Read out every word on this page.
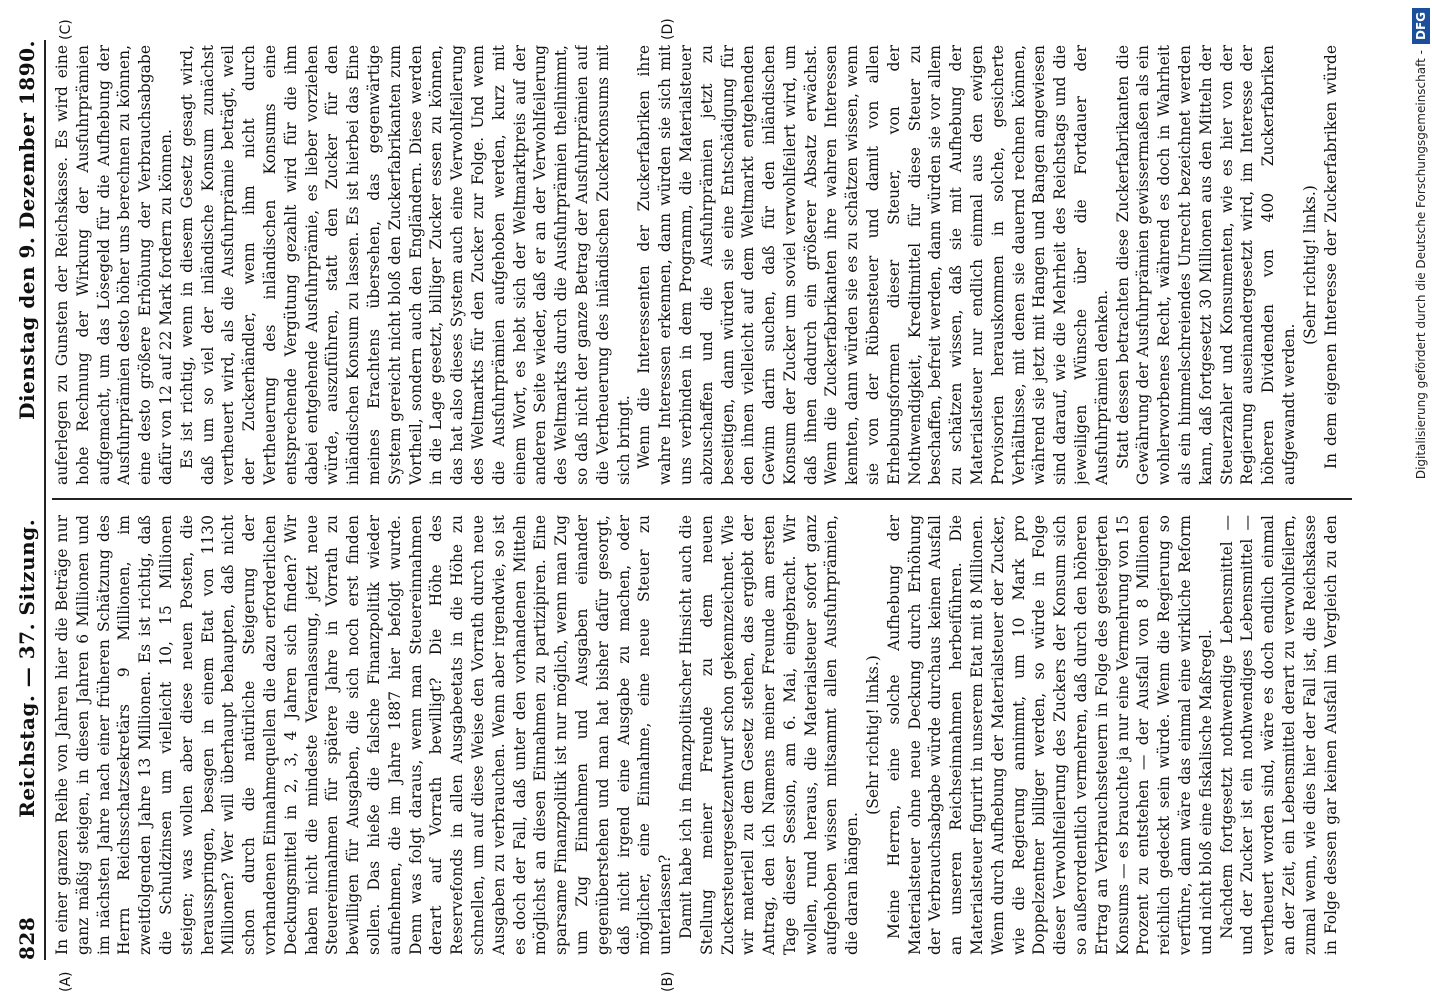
828
Reichstag. — 37. Sitzung.
Dienstag den 9. Dezember 1890.
(A)	(B)
(C)	(D)

In einer ganzen Reihe von Jahren hier die Beträge nur ganz mäßig steigen, in diesen Jahren 6 Millionen und im nächsten Jahre nach einer früheren Schätzung des Herrn Reichsschatzsekretärs 9 Millionen, im zweitfolgenden Jahre 13 Millionen. Es ist richtig, daß die Schuldzinsen um vielleicht 10, 15 Millionen steigen; was wollen aber diese neuen Posten, die herausspringen, besagen in einem Etat von 1130 Millionen? Wer will überhaupt behaupten, daß nicht schon durch die natürliche Steigerung der vorhandenen Einnahmequellen die dazu erforderlichen Deckungsmittel in 2, 3, 4 Jahren sich finden? Wir haben nicht die mindeste Veranlassung, jetzt neue Steuereinnahmen für spätere Jahre in Vorrath zu bewilligen für Ausgaben, die sich noch erst finden sollen. Das hieße die falsche Finanzpolitik wieder aufnehmen, die im Jahre 1887 hier befolgt wurde. Denn was folgt daraus, wenn man Steuereinnahmen derart auf Vorrath bewilligt? Die Höhe des Reservefonds in allen Ausgabeetats in die Höhe zu schnellen, um auf diese Weise den Vorrath durch neue Ausgaben zu verbrauchen. Wenn aber irgendwie, so ist es doch der Fall, daß unter den vorhandenen Mitteln möglichst an diesen Einnahmen zu partizipiren. Eine sparsame Finanzpolitik ist nur möglich, wenn man Zug um Zug Einnahmen und Ausgaben einander gegenüberstehen und man hat bisher dafür gesorgt, daß nicht irgend eine Ausgabe zu machen, oder möglicher, eine Einnahme, eine neue Steuer zu unterlassen? Damit habe ich in finanzpolitischer Hinsicht auch die Stellung meiner Freunde zu dem neuen Zuckersteuergesetzentwurf schon gekennzeichnet. Wie wir materiell zu dem Gesetz stehen, das ergiebt der Antrag, den ich Namens meiner Freunde am ersten Tage dieser Session, am 6. Mai, eingebracht. Wir wollen, rund heraus, die Materialsteuer sofort ganz aufgehoben wissen mitsammt allen Ausfuhrprämien, die daran hängen.

(Sehr richtig! links.) Meine Herren, eine solche Aufhebung der Materialsteuer ohne neue Deckung durch Erhöhung der Verbrauchsabgabe würde durchaus keinen Ausfall an unseren Reichseinnahmen herbeiführen. Die Materialsteuer figurirt in unserem Etat mit 8 Millionen. Wenn durch Aufhebung der Materialsteuer der Zucker, wie die Regierung annimmt, um 10 Mark pro Doppelzentner billiger werden, so würde in Folge dieser Verwohlfeilerung des Zuckers der Konsum sich so außerordentlich vermehren, daß durch den höheren Ertrag an Verbrauchssteuern in Folge des gesteigerten Konsums — es brauchte ja nur eine Vermehrung von 15 Prozent zu entstehen — der Ausfall von 8 Millionen reichlich gedeckt sein würde. Wenn die Regierung so verführe, dann wäre das einmal eine wirkliche Reform und nicht bloß eine fiskalische Maßregel. Nachdem fortgesetzt nothwendige Lebensmittel — und der Zucker ist ein nothwendiges Lebensmittel — vertheuert worden sind, wäre es doch endlich einmal an der Zeit, ein Lebensmittel derart zu verwohlfeilern, zumal wenn, wie dies hier der Fall ist, die Reichskasse in Folge dessen gar keinen Ausfall im Vergleich zu den

auferlegen zu Gunsten der Reichskasse. Es wird eine hohe Rechnung der Wirkung der Ausfuhrprämien aufgemacht, um das Lösegeld für die Aufhebung der Ausfuhrprämien desto höher uns berechnen zu können, eine desto größere Erhöhung der Verbrauchsabgabe dafür von 12 auf 22 Mark fordern zu können. Es ist richtig, wenn in diesem Gesetz gesagt wird, daß um so viel der inländische Konsum zunächst vertheuert wird, als die Ausfuhrprämie beträgt, weil der Zuckerhändler, wenn ihm nicht durch Vertheuerung des inländischen Konsums eine entsprechende Vergütung gezahlt wird für die ihm dabei entgehende Ausfuhrprämie, es lieber vorziehen würde, auszuführen, statt den Zucker für den inländischen Konsum zu lassen. Es ist hierbei das Eine meines Erachtens übersehen, das gegenwärtige System gereicht nicht bloß den Zuckerfabrikanten zum Vortheil, sondern auch den Engländern. Diese werden in die Lage gesetzt, billiger Zucker essen zu können, das hat also dieses System auch eine Verwohlfeilerung des Weltmarkts für den Zucker zur Folge. Und wenn die Ausfuhrprämien aufgehoben werden, kurz mit einem Wort, es hebt sich der Weltmarktpreis auf der anderen Seite wieder, daß er an der Verwohlfeilerung des Weltmarkts durch die Ausfuhrprämien theilnimmt, so daß nicht der ganze Betrag der Ausfuhrprämien auf die Vertheuerung des inländischen Zuckerkonsums mit sich bringt. Wenn die Interessenten der Zuckerfabriken ihre wahre Interessen erkennen, dann würden sie sich mit uns verbinden in dem Programm, die Materialsteuer abzuschaffen und die Ausfuhrprämien jetzt zu beseitigen, dann würden sie eine Entschädigung für den ihnen vielleicht auf dem Weltmarkt entgehenden Gewinn darin suchen, daß für den inländischen Konsum der Zucker um soviel verwohlfeilert wird, um daß ihnen dadurch ein größerer Absatz erwächst. Wenn die Zuckerfabrikanten ihre wahren Interessen kennten, dann würden sie es zu schätzen wissen, wenn sie von der Rübensteuer und damit von allen Erhebungsformen dieser Steuer, von der Nothwendigkeit, Kreditmittel für diese Steuer zu beschaffen, befreit werden, dann würden sie vor allem zu schätzen wissen, daß sie mit Aufhebung der Materialsteuer nur endlich einmal aus den ewigen Provisorien herauskommen in solche, gesicherte Verhältnisse, mit denen sie dauernd rechnen können, während sie jetzt mit Hangen und Bangen angewiesen sind darauf, wie die Mehrheit des Reichstags und die jeweiligen Wünsche über die Fortdauer der Ausfuhrprämien denken. Statt dessen betrachten diese Zuckerfabrikanten die Gewährung der Ausfuhrprämien gewissermaßen als ein wohlerworbenes Recht, während es doch in Wahrheit als ein himmelschreiendes Unrecht bezeichnet werden kann, daß fortgesetzt 30 Millionen aus den Mitteln der Steuerzahler und Konsumenten, wie es hier von der Regierung auseinandergesetzt wird, im Interesse der höheren Dividenden von 400 Zuckerfabriken aufgewandt werden.

(Sehr richtig! links.)

In dem eigenen Interesse der Zuckerfabriken würde	Digitalisierung gefördert durch die Deutsche Forschungsgemeinschaft -DFG
